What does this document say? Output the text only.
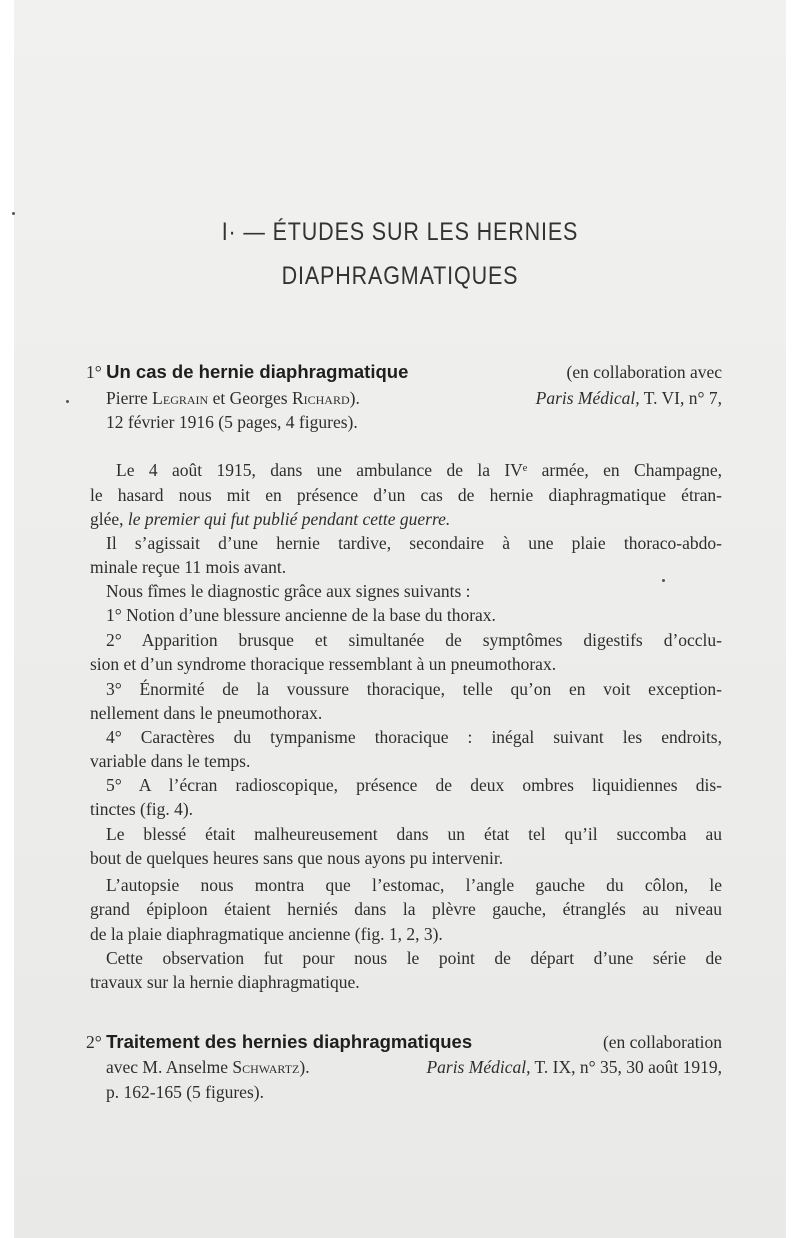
I· — ÉTUDES SUR LES HERNIES
DIAPHRAGMATIQUES
1° Un cas de hernie diaphragmatique	(en collaboration avec
Pierre Legrain et Georges Richard).	Paris Médical, T. VI, n° 7,
12 février 1916 (5 pages, 4 figures).
Le 4 août 1915, dans une ambulance de la IVᵉ armée, en Champagne,
le hasard nous mit en présence d’un cas de hernie diaphragmatique étran-
glée, le premier qui fut publié pendant cette guerre.
Il s’agissait d’une hernie tardive, secondaire à une plaie thoraco-abdo-
minale reçue 11 mois avant.
Nous fîmes le diagnostic grâce aux signes suivants :
1° Notion d’une blessure ancienne de la base du thorax.
2° Apparition brusque et simultanée de symptômes digestifs d’occlu-
sion et d’un syndrome thoracique ressemblant à un pneumothorax.
3° Énormité de la voussure thoracique, telle qu’on en voit exception-
nellement dans le pneumothorax.
4° Caractères du tympanisme thoracique : inégal suivant les endroits,
variable dans le temps.
5° A l’écran radioscopique, présence de deux ombres liquidiennes dis-
tinctes (fig. 4).
Le blessé était malheureusement dans un état tel qu’il succomba au
bout de quelques heures sans que nous ayons pu intervenir.
L’autopsie nous montra que l’estomac, l’angle gauche du côlon, le
grand épiploon étaient herniés dans la plèvre gauche, étranglés au niveau
de la plaie diaphragmatique ancienne (fig. 1, 2, 3).
Cette observation fut pour nous le point de départ d’une série de
travaux sur la hernie diaphragmatique.
2° Traitement des hernies diaphragmatiques	(en collaboration
avec M. Anselme Schwartz).	Paris Médical, T. IX, n° 35, 30 août 1919,
p. 162-165 (5 figures).
